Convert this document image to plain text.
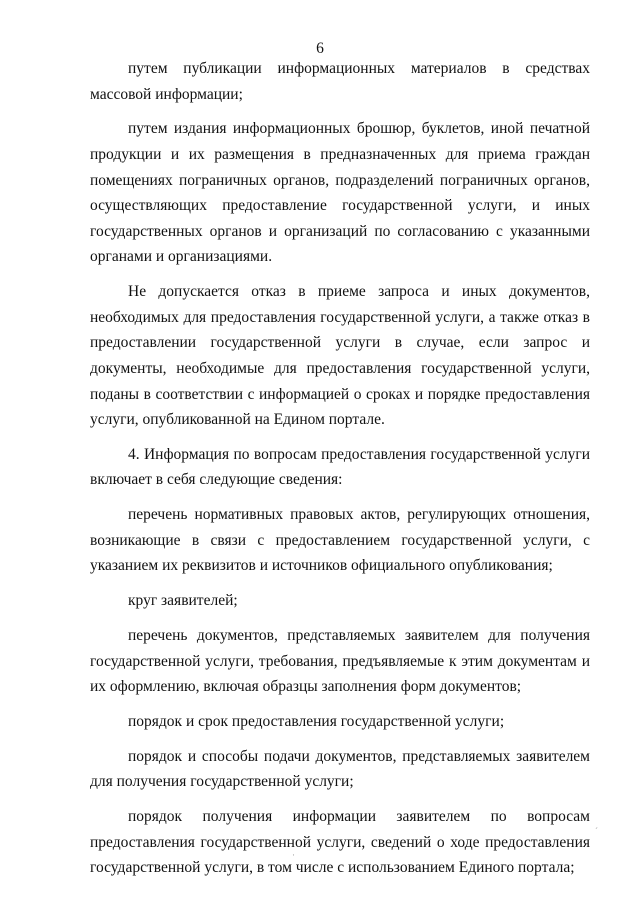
6

путем публикации информационных материалов в средствах массовой информации;

путем издания информационных брошюр, буклетов, иной печатной продукции и их размещения в предназначенных для приема граждан помещениях пограничных органов, подразделений пограничных органов, осуществляющих предоставление государственной услуги, и иных государственных органов и организаций по согласованию с указанными органами и организациями.

Не допускается отказ в приеме запроса и иных документов, необходимых для предоставления государственной услуги, а также отказ в предоставлении государственной услуги в случае, если запрос и документы, необходимые для предоставления государственной услуги, поданы в соответствии с информацией о сроках и порядке предоставления услуги, опубликованной на Едином портале.

4. Информация по вопросам предоставления государственной услуги включает в себя следующие сведения:

перечень нормативных правовых актов, регулирующих отношения, возникающие в связи с предоставлением государственной услуги, с указанием их реквизитов и источников официального опубликования;

круг заявителей;

перечень документов, представляемых заявителем для получения государственной услуги, требования, предъявляемые к этим документам и их оформлению, включая образцы заполнения форм документов;

порядок и срок предоставления государственной услуги;

порядок и способы подачи документов, представляемых заявителем для получения государственной услуги;

порядок получения информации заявителем по вопросам предоставления государственной услуги, сведений о ходе предоставления государственной услуги, в том числе с использованием Единого портала;

´
·
